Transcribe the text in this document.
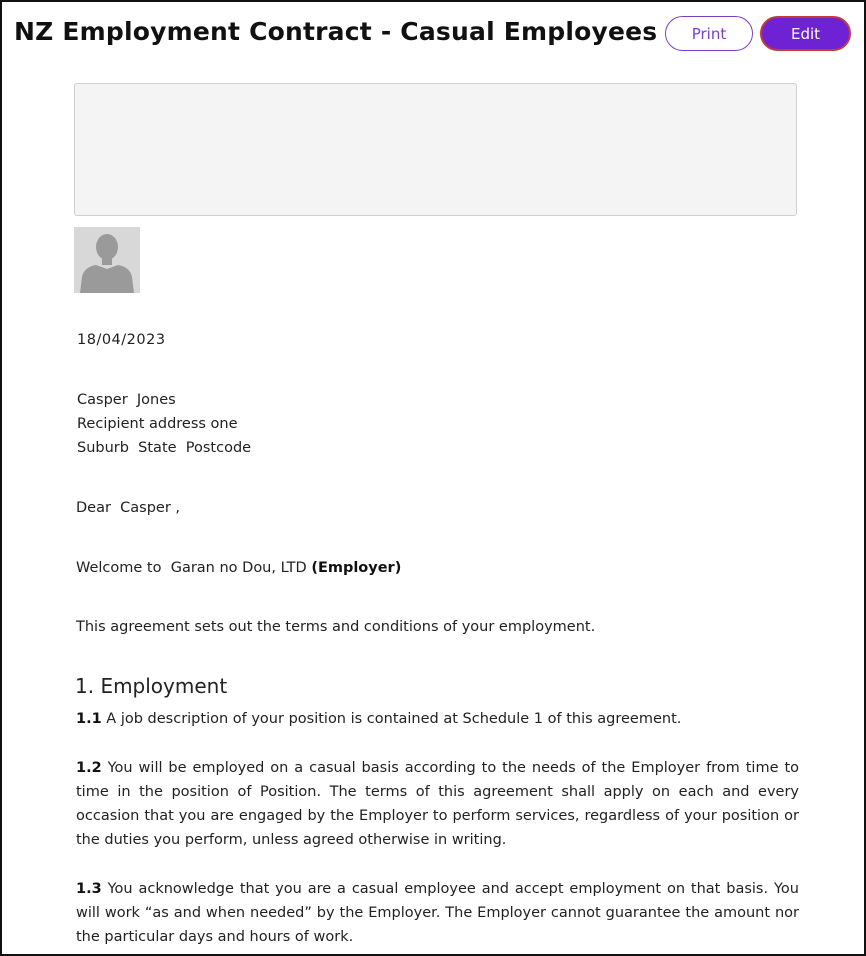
NZ Employment Contract - Casual Employees	Print	Edit
18/04/2023
Casper  Jones
Recipient address one
Suburb  State  Postcode
Dear  Casper ,
Welcome to  Garan no Dou, LTD (Employer)
This agreement sets out the terms and conditions of your employment.
1. Employment
1.1 A job description of your position is contained at Schedule 1 of this agreement.
1.2 You will be employed on a casual basis according to the needs of the Employer from time to time in the position of Position. The terms of this agreement shall apply on each and every occasion that you are engaged by the Employer to perform services, regardless of your position or the duties you perform, unless agreed otherwise in writing.
1.3 You acknowledge that you are a casual employee and accept employment on that basis. You will work “as and when needed” by the Employer. The Employer cannot guarantee the amount nor the particular days and hours of work.
